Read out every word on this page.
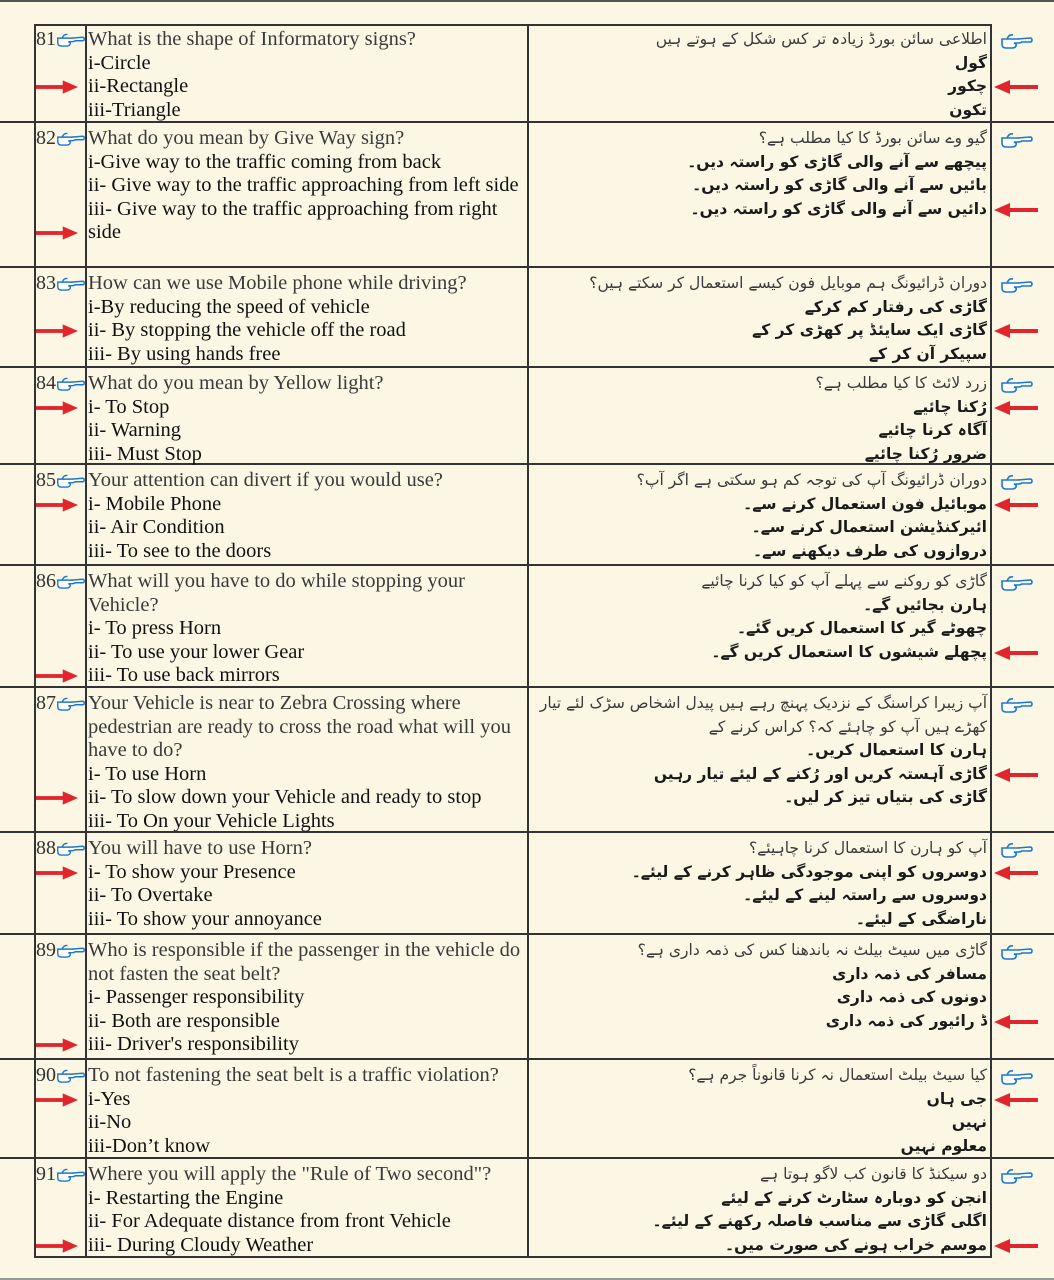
81 What is the shape of Informatory signs?
i-Circle
ii-Rectangle
iii-Triangle
اطلاعی سائن بورڈ زیادہ تر کس شکل کے ہوتے ہیں
گول
چکور
تکون
82 What do you mean by Give Way sign?
i-Give way to the traffic coming from back
ii- Give way to the traffic approaching from left side
iii- Give way to the traffic approaching from right side
گیو وے سائن بورڈ کا کیا مطلب ہے؟
پیچھے سے آنے والی گاڑی کو راستہ دیں۔
بائیں سے آنے والی گاڑی کو راستہ دیں۔
دائیں سے آنے والی گاڑی کو راستہ دیں۔
83 How can we use Mobile phone while driving?
i-By reducing the speed of vehicle
ii- By stopping the vehicle off the road
iii- By using hands free
دوران ڈرائیونگ ہم موبایل فون کیسے استعمال کر سکتے ہیں؟
گاڑی کی رفتار کم کرکے
گاڑی ایک سایئڈ پر کھڑی کر کے
سپیکر آن کر کے
84 What do you mean by Yellow light?
i- To Stop
ii- Warning
iii- Must Stop
زرد لائٹ کا کیا مطلب ہے؟
رُکنا چائیے
آگاہ کرنا چائیے
ضرور رُکنا چائیے
85 Your attention can divert if you would use?
i- Mobile Phone
ii- Air Condition
iii- To see to the doors
دوران ڈرائیونگ آپ کی توجہ کم ہو سکتی ہے اگر آپ؟
موبائیل فون استعمال کرنے سے۔
ائیرکنڈیشن استعمال کرنے سے۔
دروازوں کی طرف دیکھنے سے۔
86 What will you have to do while stopping your Vehicle?
i- To press Horn
ii- To use your lower Gear
iii- To use back mirrors
گاڑی کو روکنے سے پہلے آپ کو کیا کرنا چائیے
ہارن بجائیں گے۔
چھوٹے گیر کا استعمال کریں گئے۔
پچھلے شیشوں کا استعمال کریں گے۔
87 Your Vehicle is near to Zebra Crossing where pedestrian are ready to cross the road what will you have to do?
i- To use Horn
ii- To slow down your Vehicle and ready to stop
iii- To On your Vehicle Lights
آپ زیبرا کراسنگ کے نزدیک پہنچ رہے ہیں پیدل اشخاص سڑک لئے تیار کھڑے ہیں آپ کو چاہئے کہ؟ کراس کرنے کے
ہارن کا استعمال کریں۔
گاڑی آہستہ کریں اور رُکنے کے لیئے تیار رہیں
گاڑی کی بتیاں تیز کر لیں۔
88 You will have to use Horn?
i- To show your Presence
ii- To Overtake
iii- To show your annoyance
آپ کو ہارن کا استعمال کرنا چاہیئے؟
دوسروں کو اپنی موجودگی ظاہر کرنے کے لیئے۔
دوسروں سے راستہ لینے کے لیئے۔
ناراضگی کے لیئے۔
89 Who is responsible if the passenger in the vehicle do not fasten the seat belt?
i- Passenger responsibility
ii- Both are responsible
iii- Driver's responsibility
گاڑی میں سیٹ بیلٹ نہ باندھنا کس کی ذمہ داری ہے؟
مسافر کی ذمہ داری
دونوں کی ذمہ داری
ڈ رائیور کی ذمہ داری
90 To not fastening the seat belt is a traffic violation?
i-Yes
ii-No
iii-Don’t know
کیا سیٹ بیلٹ استعمال نہ کرنا قانوناً جرم ہے؟
جی ہاں
نہیں
معلوم نہیں
91 Where you will apply the "Rule of Two second"?
i- Restarting the Engine
ii- For Adequate distance from front Vehicle
iii- During Cloudy Weather
دو سیکنڈ کا قانون کب لاگو ہوتا ہے
انجن کو دوبارہ سٹارٹ کرنے کے لیئے
اگلی گاڑی سے مناسب فاصلہ رکھنے کے لیئے۔
موسم خراب ہونے کی صورت میں۔
